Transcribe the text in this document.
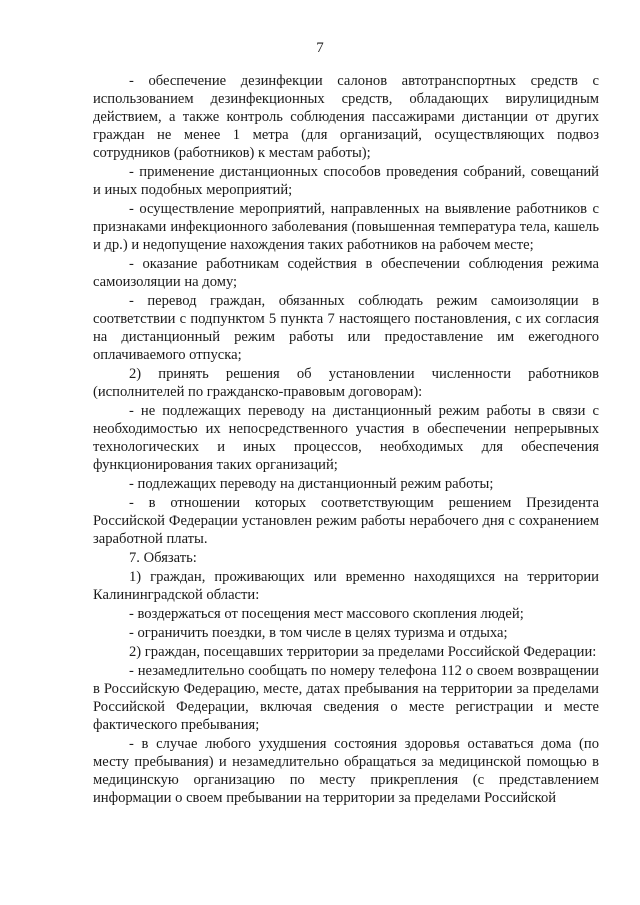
7

- обеспечение дезинфекции салонов автотранспортных средств с использованием дезинфекционных средств, обладающих вирулицидным действием, а также контроль соблюдения пассажирами дистанции от других граждан не менее 1 метра (для организаций, осуществляющих подвоз сотрудников (работников) к местам работы);

- применение дистанционных способов проведения собраний, совещаний и иных подобных мероприятий;

- осуществление мероприятий, направленных на выявление работников с признаками инфекционного заболевания (повышенная температура тела, кашель и др.) и недопущение нахождения таких работников на рабочем месте;

- оказание работникам содействия в обеспечении соблюдения режима самоизоляции на дому;

- перевод граждан, обязанных соблюдать режим самоизоляции в соответствии с подпунктом 5 пункта 7 настоящего постановления, с их согласия на дистанционный режим работы или предоставление им ежегодного оплачиваемого отпуска;

2) принять решения об установлении численности работников (исполнителей по гражданско-правовым договорам):

- не подлежащих переводу на дистанционный режим работы в связи с необходимостью их непосредственного участия в обеспечении непрерывных технологических и иных процессов, необходимых для обеспечения функционирования таких организаций;

- подлежащих переводу на дистанционный режим работы;

- в отношении которых соответствующим решением Президента Российской Федерации установлен режим работы нерабочего дня с сохранением заработной платы.

7. Обязать:

1) граждан, проживающих или временно находящихся на территории Калининградской области:

- воздержаться от посещения мест массового скопления людей;

- ограничить поездки, в том числе в целях туризма и отдыха;

2) граждан, посещавших территории за пределами Российской Федерации:

- незамедлительно сообщать по номеру телефона 112 о своем возвращении в Российскую Федерацию, месте, датах пребывания на территории за пределами Российской Федерации, включая сведения о месте регистрации и месте фактического пребывания;

- в случае любого ухудшения состояния здоровья оставаться дома (по месту пребывания) и незамедлительно обращаться за медицинской помощью в медицинскую организацию по месту прикрепления (с представлением информации о своем пребывании на территории за пределами Российской
